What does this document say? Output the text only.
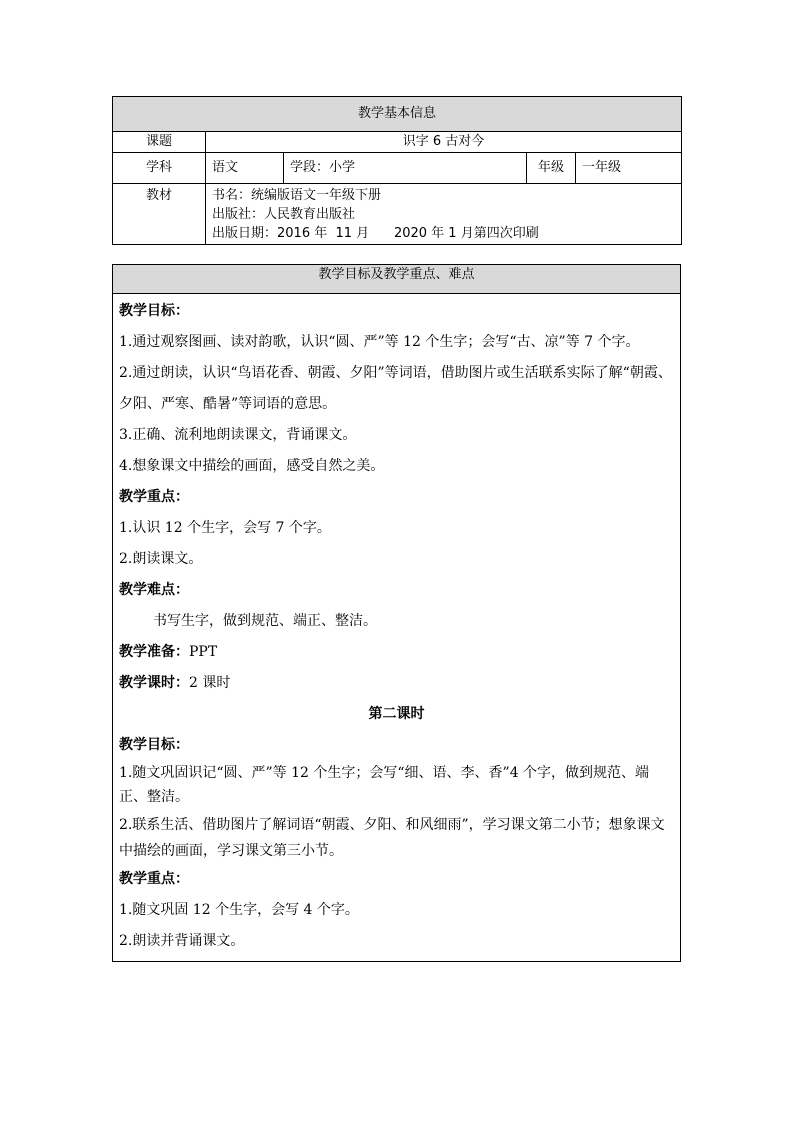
教学基本信息				
课题	识字 6 古对今			
学科	语文	学段：小学	年级	一年级
教材	书名：统编版语文一年级下册
出版社：人民教育出版社
出版日期：2016 年  11 月      2020 年 1 月第四次印刷			
教学目标及教学重点、难点

教学目标：

1.通过观察图画、读对韵歌，认识“圆、严”等 12 个生字；会写“古、凉”等 7 个字。

2.通过朗读，认识“鸟语花香、朝霞、夕阳”等词语，借助图片或生活联系实际了解“朝霞、夕阳、严寒、酷暑”等词语的意思。

3.正确、流利地朗读课文，背诵课文。

4.想象课文中描绘的画面，感受自然之美。

教学重点：

1.认识 12 个生字，会写 7 个字。

2.朗读课文。

教学难点：

书写生字，做到规范、端正、整洁。

教学准备：PPT

教学课时：2 课时

第二课时

教学目标：

1.随文巩固识记“圆、严”等 12 个生字；会写“细、语、李、香”4 个字，做到规范、端正、整洁。

2.联系生活、借助图片了解词语“朝霞、夕阳、和风细雨”，学习课文第二小节；想象课文中描绘的画面，学习课文第三小节。

教学重点：

1.随文巩固 12 个生字，会写 4 个字。

2.朗读并背诵课文。
